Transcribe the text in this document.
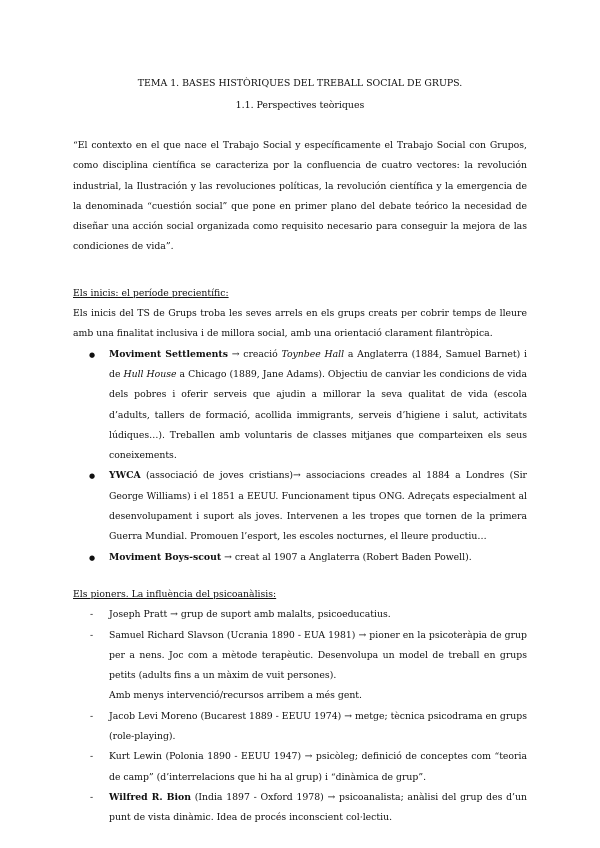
TEMA 1. BASES HISTÒRIQUES DEL TREBALL SOCIAL DE GRUPS.
1.1. Perspectives teòriques

“El contexto en el que nace el Trabajo Social y específicamente el Trabajo Social con Grupos, como disciplina científica se caracteriza por la confluencia de cuatro vectores: la revolución industrial, la Ilustración y las revoluciones políticas, la revolución científica y la emergencia de la denominada “cuestión social” que pone en primer plano del debate teórico la necesidad de diseñar una acción social organizada como requisito necesario para conseguir la mejora de las condiciones de vida”.

Els inicis: el període precientífic:

Els inicis del TS de Grups troba les seves arrels en els grups creats per cobrir temps de lleure amb una finalitat inclusiva i de millora social, amb una orientació clarament filantròpica.

● Moviment Settlements → creació Toynbee Hall a Anglaterra (1884, Samuel Barnet) i de Hull House a Chicago (1889, Jane Adams). Objectiu de canviar les condicions de vida dels pobres i oferir serveis que ajudin a millorar la seva qualitat de vida (escola d’adults, tallers de formació, acollida immigrants, serveis d’higiene i salut, activitats lúdiques…). Treballen amb voluntaris de classes mitjanes que comparteixen els seus coneixements.
● YWCA (associació de joves cristians)→ associacions creades al 1884 a Londres (Sir George Williams) i el 1851 a EEUU. Funcionament tipus ONG. Adreçats especialment al desenvolupament i suport als joves. Intervenen a les tropes que tornen de la primera Guerra Mundial. Promouen l’esport, les escoles nocturnes, el lleure productiu…
● Moviment Boys-scout → creat al 1907 a Anglaterra (Robert Baden Powell).
Els pioners. La influència del psicoanàlisis:
- Joseph Pratt → grup de suport amb malalts, psicoeducatius.
- Samuel Richard Slavson (Ucrania 1890 - EUA 1981) → pioner en la psicoteràpia de grup per a nens. Joc com a mètode terapèutic. Desenvolupa un model de treball en grups petits (adults fins a un màxim de vuit persones).
Amb menys intervenció/recursos arribem a més gent.
- Jacob Levi Moreno (Bucarest 1889 - EEUU 1974) → metge; tècnica psicodrama en grups (role-playing).
- Kurt Lewin (Polonia 1890 - EEUU 1947) → psicòleg; definició de conceptes com “teoria de camp” (d’interrelacions que hi ha al grup) i “dinàmica de grup”.
- Wilfred R. Bion (India 1897 - Oxford 1978) → psicoanalista; anàlisi del grup des d’un punt de vista dinàmic. Idea de procés inconscient col·lectiu.
